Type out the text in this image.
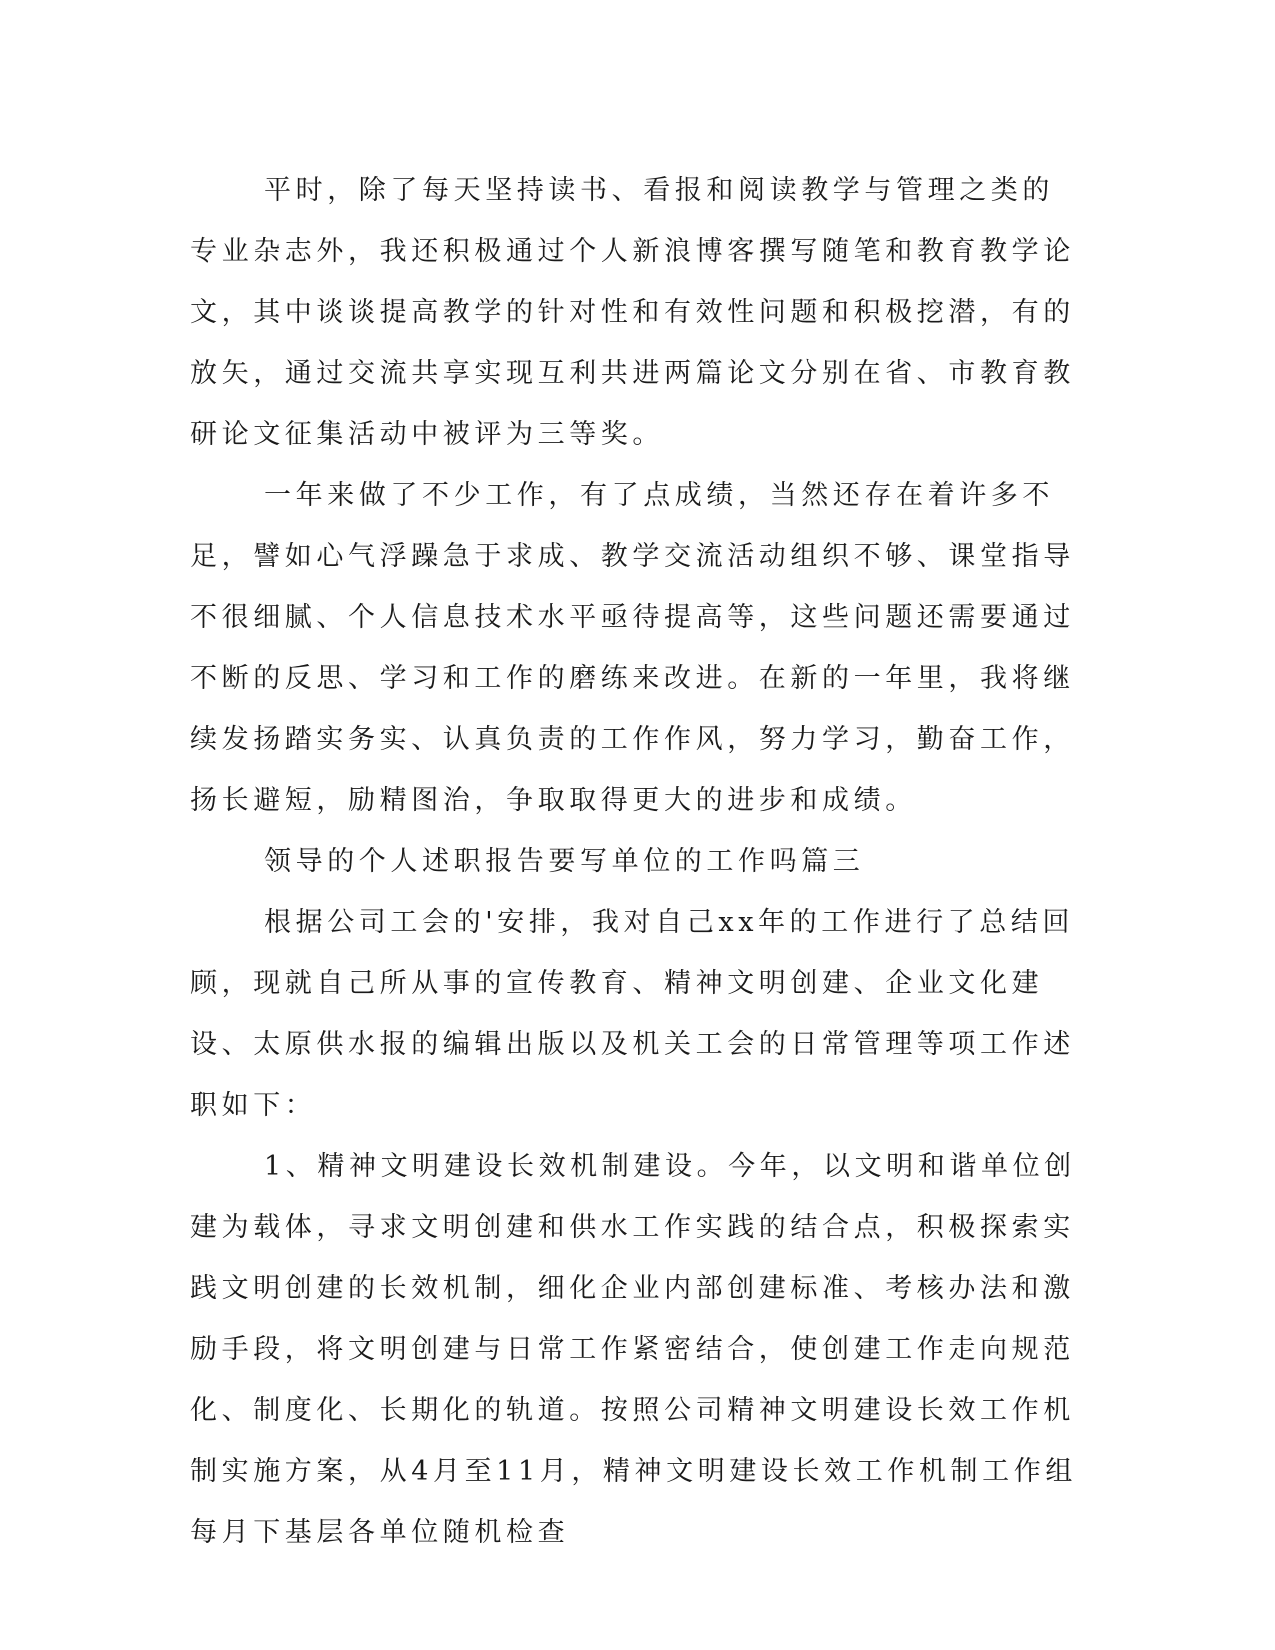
平时，除了每天坚持读书、看报和阅读教学与管理之类的专业杂志外，我还积极通过个人新浪博客撰写随笔和教育教学论文，其中谈谈提高教学的针对性和有效性问题和积极挖潜，有的放矢，通过交流共享实现互利共进两篇论文分别在省、市教育教研论文征集活动中被评为三等奖。

一年来做了不少工作，有了点成绩，当然还存在着许多不足，譬如心气浮躁急于求成、教学交流活动组织不够、课堂指导不很细腻、个人信息技术水平亟待提高等，这些问题还需要通过不断的反思、学习和工作的磨练来改进。在新的一年里，我将继续发扬踏实务实、认真负责的工作作风，努力学习，勤奋工作，扬长避短，励精图治，争取取得更大的进步和成绩。

领导的个人述职报告要写单位的工作吗篇三

根据公司工会的'安排，我对自己xx年的工作进行了总结回顾，现就自己所从事的宣传教育、精神文明创建、企业文化建设、太原供水报的编辑出版以及机关工会的日常管理等项工作述职如下：

1、精神文明建设长效机制建设。今年，以文明和谐单位创建为载体，寻求文明创建和供水工作实践的结合点，积极探索实践文明创建的长效机制，细化企业内部创建标准、考核办法和激励手段，将文明创建与日常工作紧密结合，使创建工作走向规范化、制度化、长期化的轨道。按照公司精神文明建设长效工作机制实施方案，从4月至11月，精神文明建设长效工作机制工作组每月下基层各单位随机检查
